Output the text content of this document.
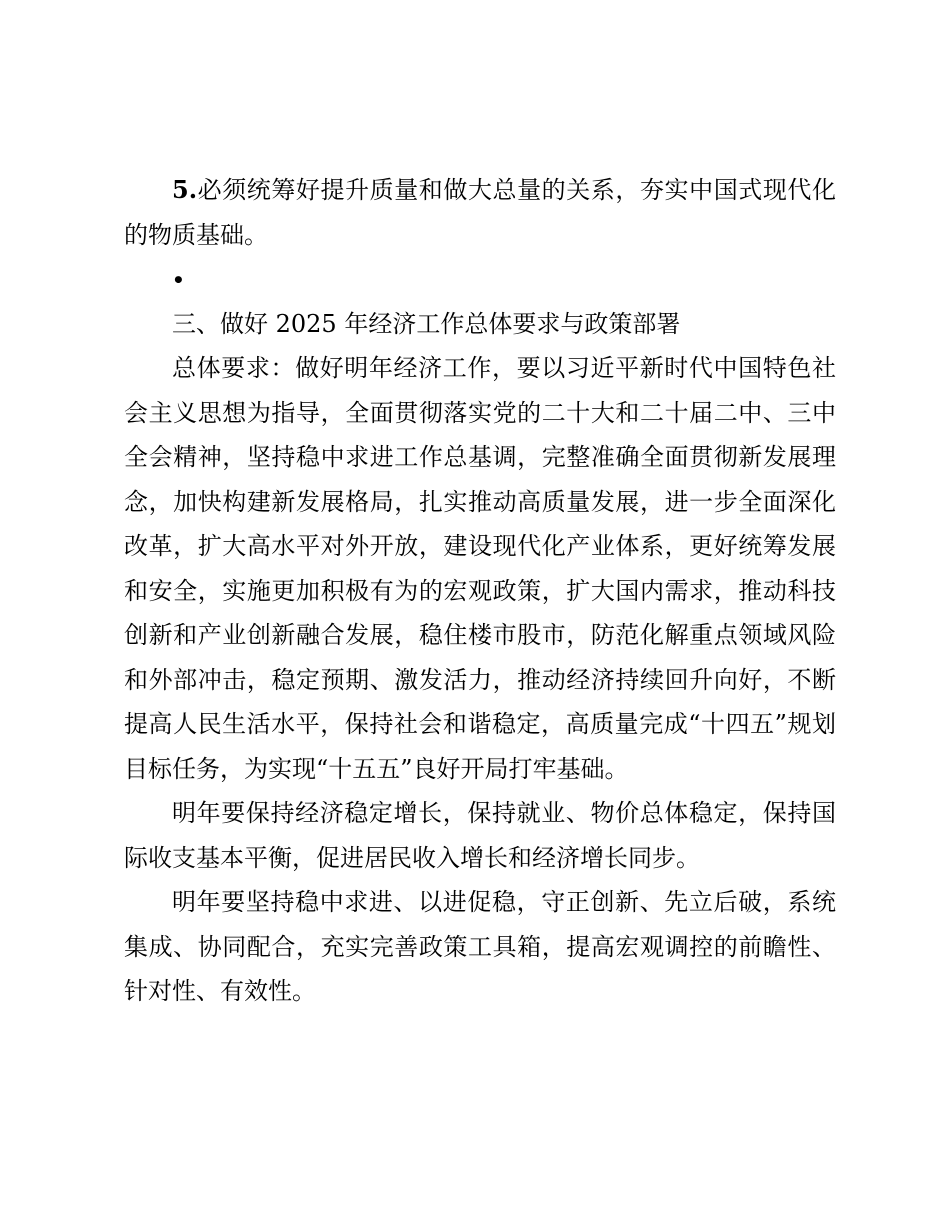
5.必须统筹好提升质量和做大总量的关系，夯实中国式现代化的物质基础。

•

三、做好 2025 年经济工作总体要求与政策部署

总体要求：做好明年经济工作，要以习近平新时代中国特色社会主义思想为指导，全面贯彻落实党的二十大和二十届二中、三中全会精神，坚持稳中求进工作总基调，完整准确全面贯彻新发展理念，加快构建新发展格局，扎实推动高质量发展，进一步全面深化改革，扩大高水平对外开放，建设现代化产业体系，更好统筹发展和安全，实施更加积极有为的宏观政策，扩大国内需求，推动科技创新和产业创新融合发展，稳住楼市股市，防范化解重点领域风险和外部冲击，稳定预期、激发活力，推动经济持续回升向好，不断提高人民生活水平，保持社会和谐稳定，高质量完成“十四五”规划目标任务，为实现“十五五”良好开局打牢基础。

明年要保持经济稳定增长，保持就业、物价总体稳定，保持国际收支基本平衡，促进居民收入增长和经济增长同步。

明年要坚持稳中求进、以进促稳，守正创新、先立后破，系统集成、协同配合，充实完善政策工具箱，提高宏观调控的前瞻性、针对性、有效性。
